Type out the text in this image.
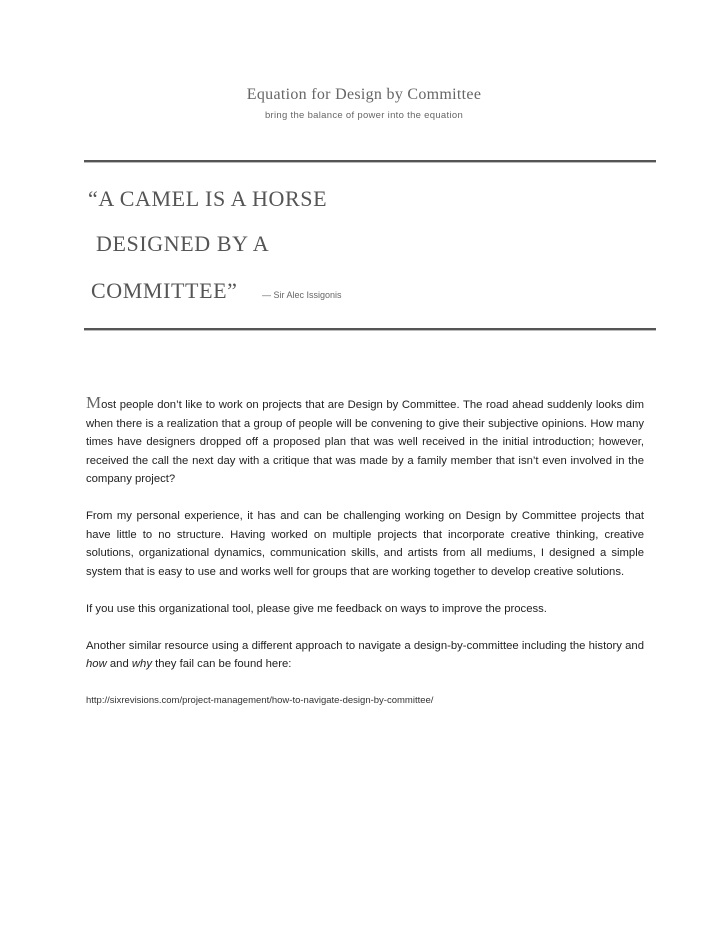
Equation for Design by Committee
bring the balance of power into the equation
“A CAMEL IS A HORSE
DESIGNED BY A
COMMITTEE”	— Sir Alec Issigonis

Most people don’t like to work on projects that are Design by Committee. The road ahead suddenly looks dim when there is a realization that a group of people will be convening to give their subjective opinions. How many times have designers dropped off a proposed plan that was well received in the initial introduction; however, received the call the next day with a critique that was made by a family member that isn’t even involved in the company project?

From my personal experience, it has and can be challenging working on Design by Committee projects that have little to no structure. Having worked on multiple projects that incorporate creative thinking, creative solutions, organizational dynamics, communication skills, and artists from all mediums, I designed a simple system that is easy to use and works well for groups that are working together to develop creative solutions.

If you use this organizational tool, please give me feedback on ways to improve the process.

Another similar resource using a different approach to navigate a design-by-committee including the history and how and why they fail can be found here:

http://sixrevisions.com/project-management/how-to-navigate-design-by-committee/
